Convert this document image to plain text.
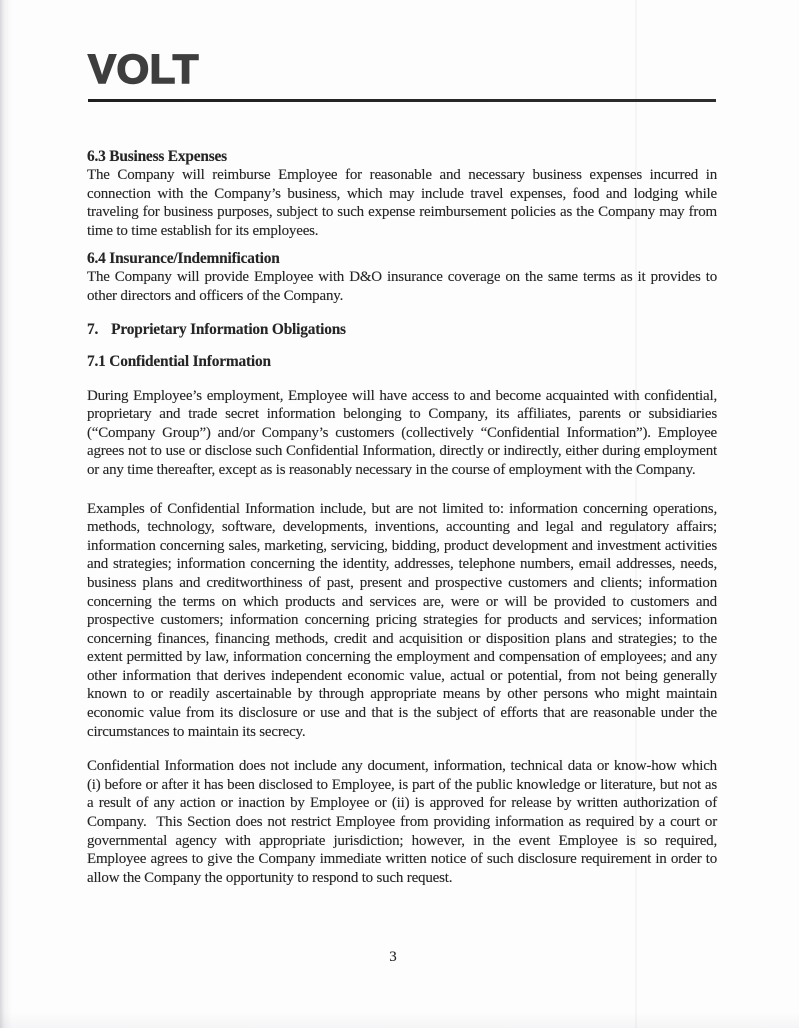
VOLT
6.3 Business Expenses

The Company will reimburse Employee for reasonable and necessary business expenses incurred in connection with the Company’s business, which may include travel expenses, food and lodging while traveling for business purposes, subject to such expense reimbursement policies as the Company may from time to time establish for its employees.

6.4 Insurance/Indemnification

The Company will provide Employee with D&O insurance coverage on the same terms as it provides to other directors and officers of the Company.

7. Proprietary Information Obligations
7.1 Confidential Information

During Employee’s employment, Employee will have access to and become acquainted with confidential, proprietary and trade secret information belonging to Company, its affiliates, parents or subsidiaries (“Company Group”) and/or Company’s customers (collectively “Confidential Information”). Employee agrees not to use or disclose such Confidential Information, directly or indirectly, either during employment or any time thereafter, except as is reasonably necessary in the course of employment with the Company.

Examples of Confidential Information include, but are not limited to: information concerning operations, methods, technology, software, developments, inventions, accounting and legal and regulatory affairs; information concerning sales, marketing, servicing, bidding, product development and investment activities and strategies; information concerning the identity, addresses, telephone numbers, email addresses, needs, business plans and creditworthiness of past, present and prospective customers and clients; information concerning the terms on which products and services are, were or will be provided to customers and prospective customers; information concerning pricing strategies for products and services; information concerning finances, financing methods, credit and acquisition or disposition plans and strategies; to the extent permitted by law, information concerning the employment and compensation of employees; and any other information that derives independent economic value, actual or potential, from not being generally known to or readily ascertainable by through appropriate means by other persons who might maintain economic value from its disclosure or use and that is the subject of efforts that are reasonable under the circumstances to maintain its secrecy.

Confidential Information does not include any document, information, technical data or know-how which (i) before or after it has been disclosed to Employee, is part of the public knowledge or literature, but not as a result of any action or inaction by Employee or (ii) is approved for release by written authorization of Company.  This Section does not restrict Employee from providing information as required by a court or governmental agency with appropriate jurisdiction; however, in the event Employee is so required, Employee agrees to give the Company immediate written notice of such disclosure requirement in order to allow the Company the opportunity to respond to such request.

3
